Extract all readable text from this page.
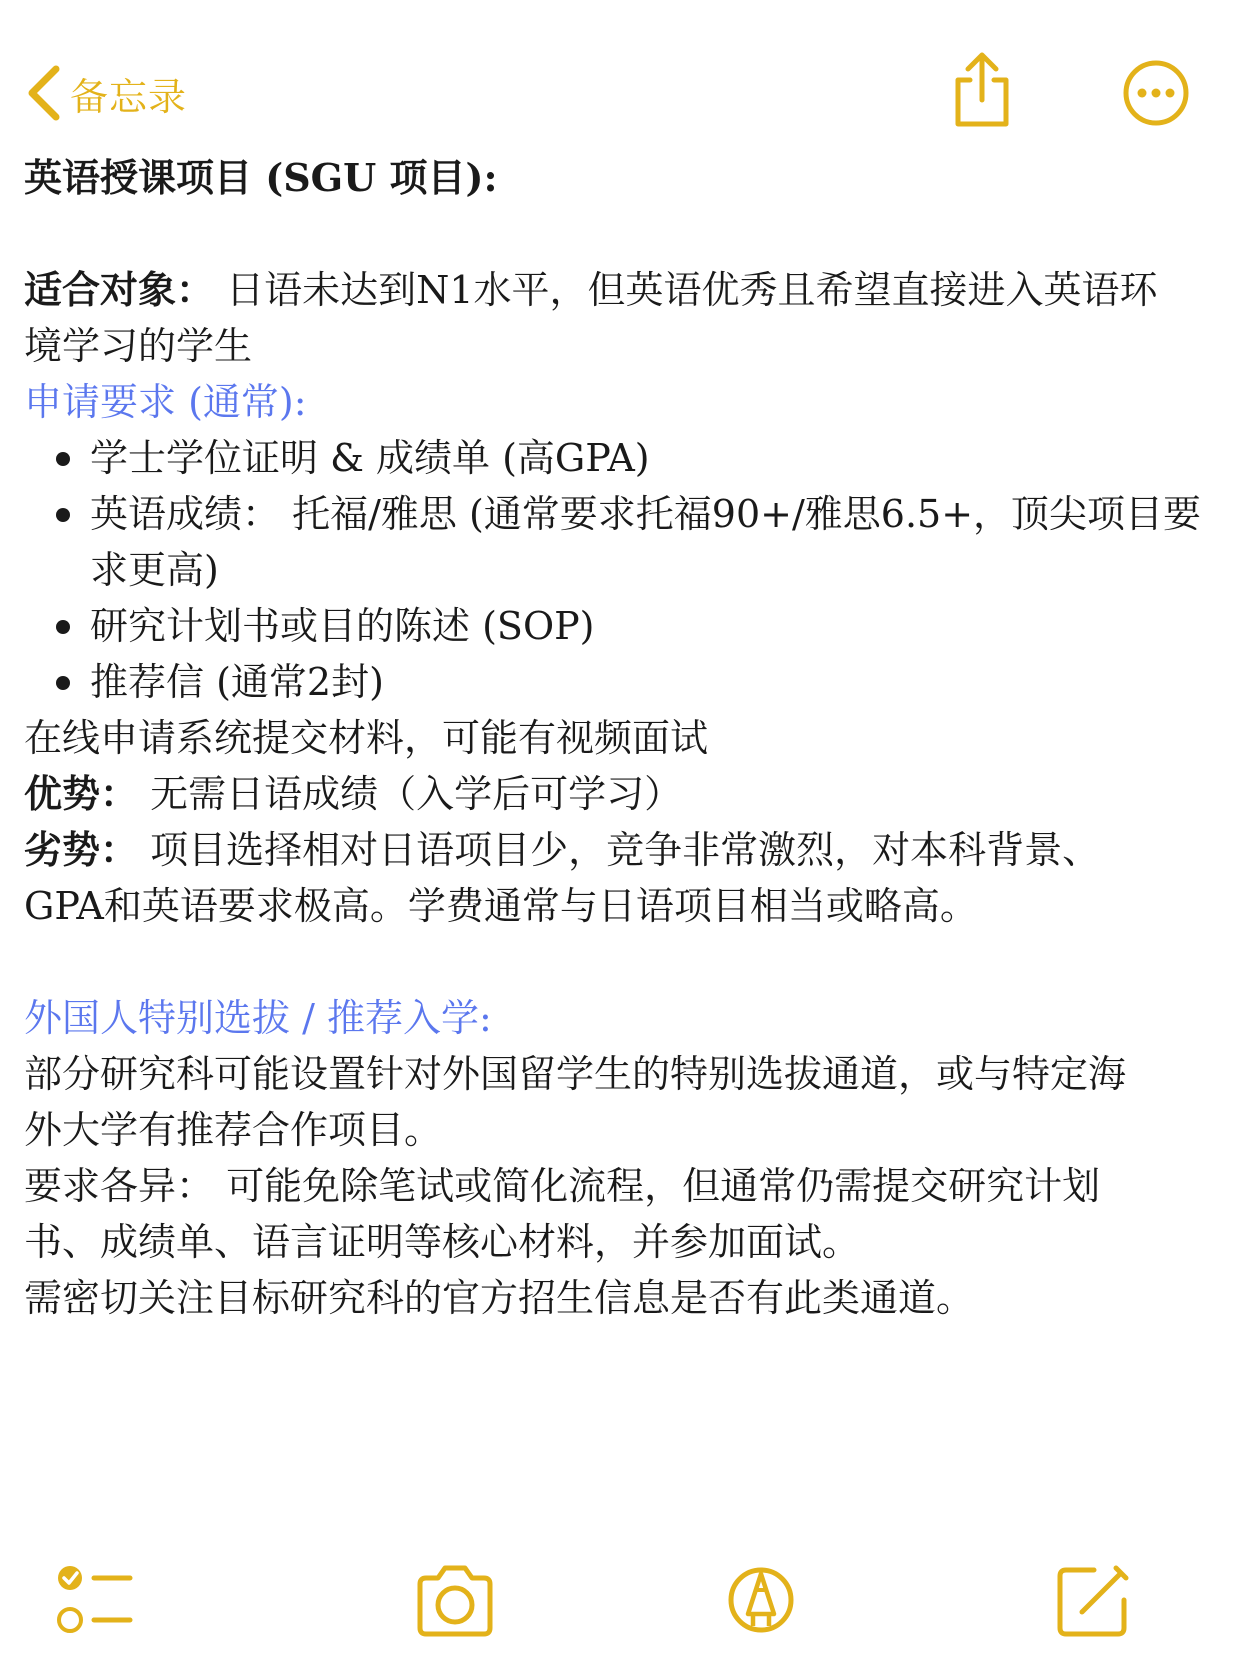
备忘录
英语授课项目 (SGU 项目):
适合对象： 日语未达到N1水平，但英语优秀且希望直接进入英语环
境学习的学生
申请要求 (通常):
学士学位证明 & 成绩单 (高GPA)
英语成绩： 托福/雅思 (通常要求托福90+/雅思6.5+，顶尖项目要求更高)
研究计划书或目的陈述 (SOP)
推荐信 (通常2封)
在线申请系统提交材料，可能有视频面试
优势： 无需日语成绩（入学后可学习）
劣势： 项目选择相对日语项目少，竞争非常激烈，对本科背景、
GPA和英语要求极高。学费通常与日语项目相当或略高。
外国人特别选拔 / 推荐入学:
部分研究科可能设置针对外国留学生的特别选拔通道，或与特定海
外大学有推荐合作项目。
要求各异： 可能免除笔试或简化流程，但通常仍需提交研究计划
书、成绩单、语言证明等核心材料，并参加面试。
需密切关注目标研究科的官方招生信息是否有此类通道。
